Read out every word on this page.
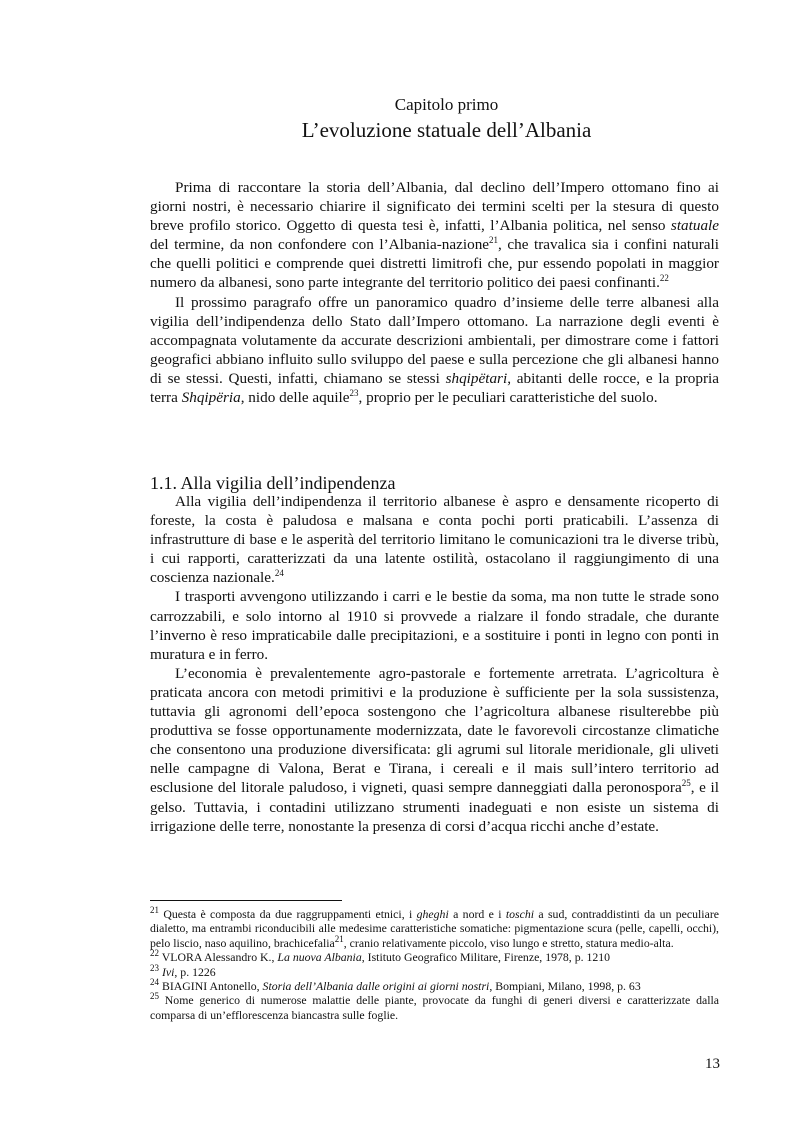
Capitolo primo
L’evoluzione statuale dell’Albania

Prima di raccontare la storia dell’Albania, dal declino dell’Impero ottomano fino ai giorni nostri, è necessario chiarire il significato dei termini scelti per la stesura di questo breve profilo storico. Oggetto di questa tesi è, infatti, l’Albania politica, nel senso statuale del termine, da non confondere con l’Albania-nazione$^{21}$, che travalica sia i confini naturali che quelli politici e comprende quei distretti limitrofi che, pur essendo popolati in maggior numero da albanesi, sono parte integrante del territorio politico dei paesi confinanti.$^{22}$

Il prossimo paragrafo offre un panoramico quadro d’insieme delle terre albanesi alla vigilia dell’indipendenza dello Stato dall’Impero ottomano. La narrazione degli eventi è accompagnata volutamente da accurate descrizioni ambientali, per dimostrare come i fattori geografici abbiano influito sullo sviluppo del paese e sulla percezione che gli albanesi hanno di se stessi. Questi, infatti, chiamano se stessi shqipëtari, abitanti delle rocce, e la propria terra Shqipëria, nido delle aquile$^{23}$, proprio per le peculiari caratteristiche del suolo.

1.1. Alla vigilia dell’indipendenza

Alla vigilia dell’indipendenza il territorio albanese è aspro e densamente ricoperto di foreste, la costa è paludosa e malsana e conta pochi porti praticabili. L’assenza di infrastrutture di base e le asperità del territorio limitano le comunicazioni tra le diverse tribù, i cui rapporti, caratterizzati da una latente ostilità, ostacolano il raggiungimento di una coscienza nazionale.$^{24}$

I trasporti avvengono utilizzando i carri e le bestie da soma, ma non tutte le strade sono carrozzabili, e solo intorno al 1910 si provvede a rialzare il fondo stradale, che durante l’inverno è reso impraticabile dalle precipitazioni, e a sostituire i ponti in legno con ponti in muratura e in ferro.

L’economia è prevalentemente agro-pastorale e fortemente arretrata. L’agricoltura è praticata ancora con metodi primitivi e la produzione è sufficiente per la sola sussistenza, tuttavia gli agronomi dell’epoca sostengono che l’agricoltura albanese risulterebbe più produttiva se fosse opportunamente modernizzata, date le favorevoli circostanze climatiche che consentono una produzione diversificata: gli agrumi sul litorale meridionale, gli uliveti nelle campagne di Valona, Berat e Tirana, i cereali e il mais sull’intero territorio ad esclusione del litorale paludoso, i vigneti, quasi sempre danneggiati dalla peronospora$^{25}$, e il gelso. Tuttavia, i contadini utilizzano strumenti inadeguati e non esiste un sistema di irrigazione delle terre, nonostante la presenza di corsi d’acqua ricchi anche d’estate.

$^{21}$ Questa è composta da due raggruppamenti etnici, i gheghi a nord e i toschi a sud, contraddistinti da un peculiare dialetto, ma entrambi riconducibili alle medesime caratteristiche somatiche: pigmentazione scura (pelle, capelli, occhi), pelo liscio, naso aquilino, brachicefalia$^{21}$, cranio relativamente piccolo, viso lungo e stretto, statura medio-alta.

$^{22}$ VLORA Alessandro K., La nuova Albania, Istituto Geografico Militare, Firenze, 1978, p. 1210

$^{23}$ Ivi, p. 1226

$^{24}$ BIAGINI Antonello, Storia dell’Albania dalle origini ai giorni nostri, Bompiani, Milano, 1998, p. 63

$^{25}$ Nome generico di numerose malattie delle piante, provocate da funghi di generi diversi e caratterizzate dalla comparsa di un’efflorescenza biancastra sulle foglie.

13
